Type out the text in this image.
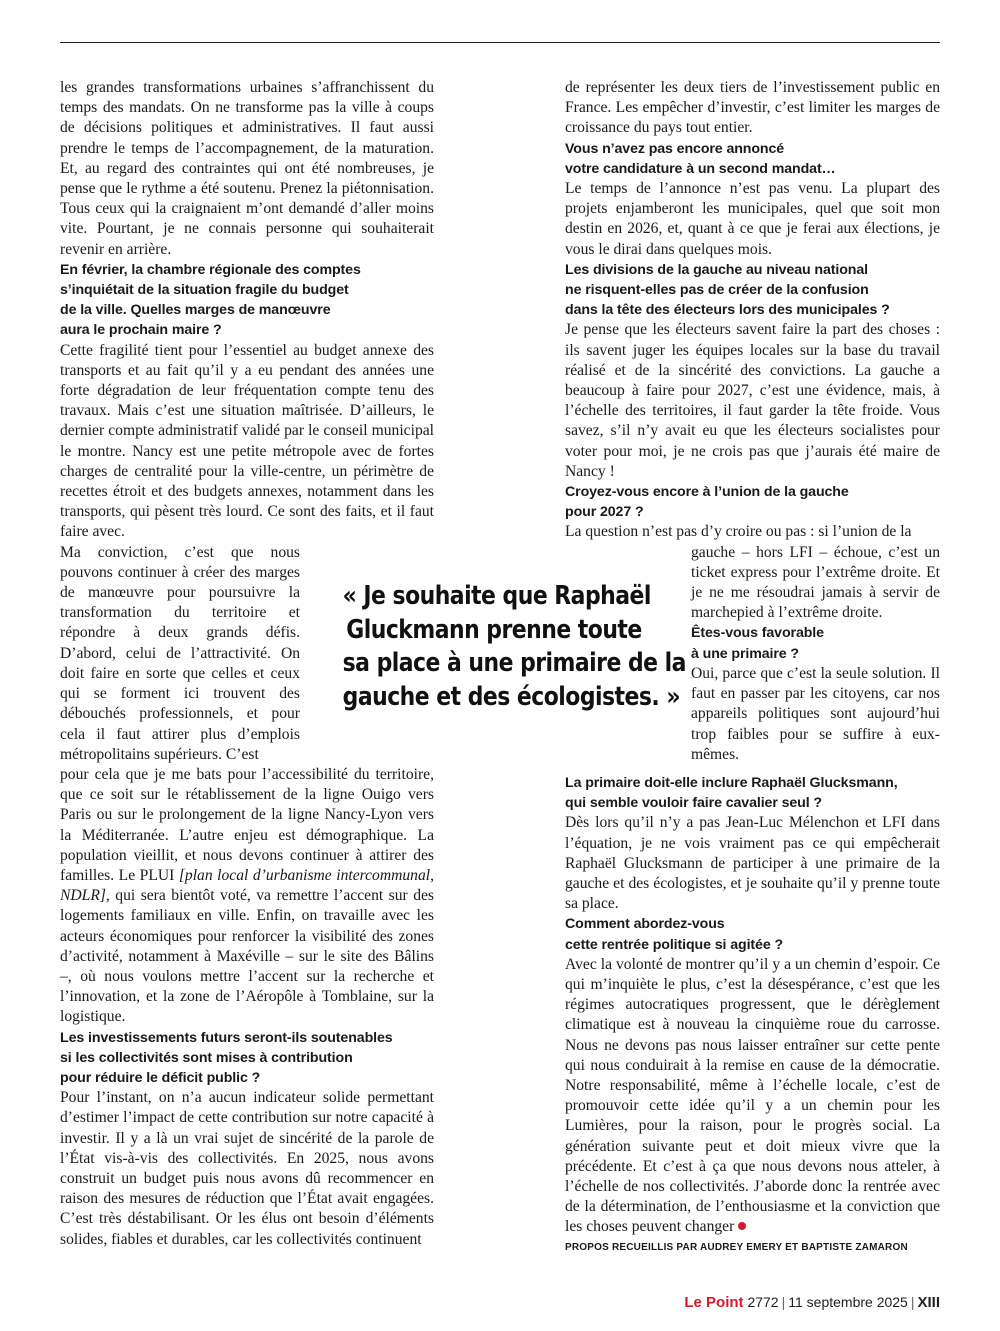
les grandes transformations urbaines s’affranchissent du temps des mandats. On ne transforme pas la ville à coups de décisions politiques et administratives. Il faut aussi prendre le temps de l’accompagnement, de la maturation. Et, au regard des contraintes qui ont été nombreuses, je pense que le rythme a été soutenu. Prenez la piétonnisation. Tous ceux qui la craignaient m’ont demandé d’aller moins vite. Pourtant, je ne connais personne qui souhaiterait revenir en arrière.

En février, la chambre régionale des comptes
s’inquiétait de la situation fragile du budget
de la ville. Quelles marges de manœuvre
aura le prochain maire ?

Cette fragilité tient pour l’essentiel au budget annexe des transports et au fait qu’il y a eu pendant des années une forte dégradation de leur fréquentation compte tenu des travaux. Mais c’est une situation maîtrisée. D’ailleurs, le dernier compte administratif validé par le conseil municipal le montre. Nancy est une petite métropole avec de fortes charges de centralité pour la ville-centre, un périmètre de recettes étroit et des budgets annexes, notamment dans les transports, qui pèsent très lourd. Ce sont des faits, et il faut faire avec.

Ma conviction, c’est que nous pouvons continuer à créer des marges de manœuvre pour poursuivre la transformation du territoire et répondre à deux grands défis. D’abord, celui de l’attractivité. On doit faire en sorte que celles et ceux qui se forment ici trouvent des débouchés professionnels, et pour cela il faut attirer plus d’emplois métropolitains supérieurs. C’est

pour cela que je me bats pour l’accessibilité du territoire, que ce soit sur le rétablissement de la ligne Ouigo vers Paris ou sur le prolongement de la ligne Nancy-Lyon vers la Méditerranée. L’autre enjeu est démographique. La population vieillit, et nous devons continuer à attirer des familles. Le PLUI [plan local d’urbanisme intercommunal, NDLR], qui sera bientôt voté, va remettre l’accent sur des logements familiaux en ville. Enfin, on travaille avec les acteurs économiques pour renforcer la visibilité des zones d’activité, notamment à Maxéville – sur le site des Bâlins –, où nous voulons mettre l’accent sur la recherche et l’innovation, et la zone de l’Aéropôle à Tomblaine, sur la logistique.

Les investissements futurs seront-ils soutenables
si les collectivités sont mises à contribution
pour réduire le déficit public ?

Pour l’instant, on n’a aucun indicateur solide permettant d’estimer l’impact de cette contribution sur notre capacité à investir. Il y a là un vrai sujet de sincérité de la parole de l’État vis-à-vis des collectivités. En 2025, nous avons construit un budget puis nous avons dû recommencer en raison des mesures de réduction que l’État avait engagées. C’est très déstabilisant. Or les élus ont besoin d’éléments solides, fiables et durables, car les collectivités continuent

de représenter les deux tiers de l’investissement public en France. Les empêcher d’investir, c’est limiter les marges de croissance du pays tout entier.

Vous n’avez pas encore annoncé
votre candidature à un second mandat…

Le temps de l’annonce n’est pas venu. La plupart des projets enjamberont les municipales, quel que soit mon destin en 2026, et, quant à ce que je ferai aux élections, je vous le dirai dans quelques mois.

Les divisions de la gauche au niveau national
ne risquent-elles pas de créer de la confusion
dans la tête des électeurs lors des municipales ?

Je pense que les électeurs savent faire la part des choses : ils savent juger les équipes locales sur la base du travail réalisé et de la sincérité des convictions. La gauche a beaucoup à faire pour 2027, c’est une évidence, mais, à l’échelle des territoires, il faut garder la tête froide. Vous savez, s’il n’y avait eu que les électeurs socialistes pour voter pour moi, je ne crois pas que j’aurais été maire de Nancy !

Croyez-vous encore à l’union de la gauche
pour 2027 ?

La question n’est pas d’y croire ou pas : si l’union de la

gauche – hors LFI – échoue, c’est un ticket express pour l’extrême droite. Et je ne me résoudrai jamais à servir de marchepied à l’extrême droite.

Êtes-vous favorable
à une primaire ?

Oui, parce que c’est la seule solution. Il faut en passer par les citoyens, car nos appareils politiques sont aujourd’hui trop faibles pour se suffire à eux-mêmes.

La primaire doit-elle inclure Raphaël Glucksmann,
qui semble vouloir faire cavalier seul ?

Dès lors qu’il n’y a pas Jean-Luc Mélenchon et LFI dans l’équation, je ne vois vraiment pas ce qui empêcherait Raphaël Glucksmann de participer à une primaire de la gauche et des écologistes, et je souhaite qu’il y prenne toute sa place.

Comment abordez-vous
cette rentrée politique si agitée ?

Avec la volonté de montrer qu’il y a un chemin d’espoir. Ce qui m’inquiète le plus, c’est la désespérance, c’est que les régimes autocratiques progressent, que le dérèglement climatique est à nouveau la cinquième roue du carrosse. Nous ne devons pas nous laisser entraîner sur cette pente qui nous conduirait à la remise en cause de la démocratie. Notre responsabilité, même à l’échelle locale, c’est de promouvoir cette idée qu’il y a un chemin pour les Lumières, pour la raison, pour le progrès social. La génération suivante peut et doit mieux vivre que la précédente. Et c’est à ça que nous devons nous atteler, à l’échelle de nos collectivités. J’aborde donc la rentrée avec de la détermination, de l’enthousiasme et la conviction que les choses peuvent changer

PROPOS RECUEILLIS PAR AUDREY EMERY ET BAPTISTE ZAMARON
« Je souhaite que Raphaël
Gluckmann prenne toute
sa place à une primaire de la
gauche et des écologistes. »
Le Point 2772 | 11 septembre 2025 | XIII
